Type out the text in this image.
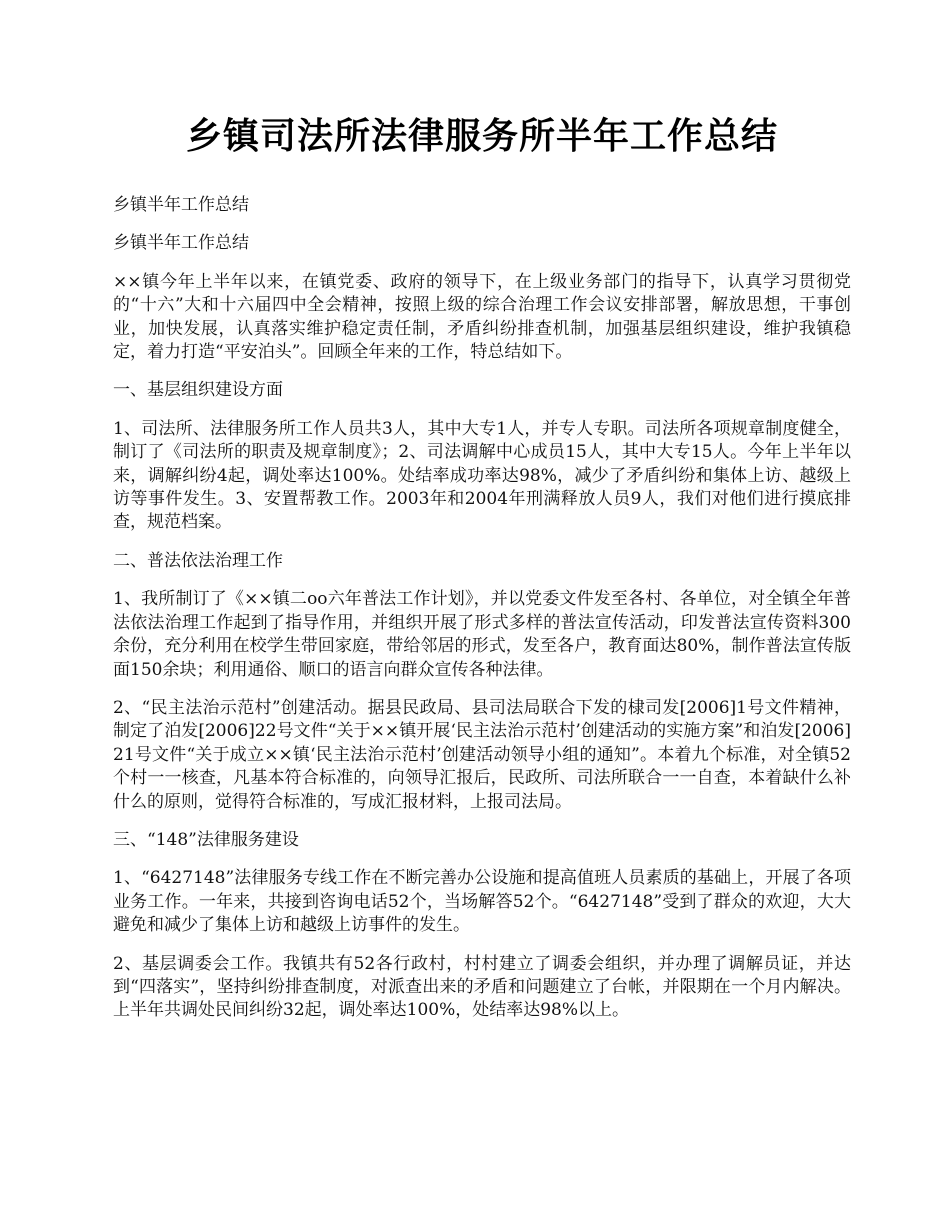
乡镇司法所法律服务所半年工作总结

乡镇半年工作总结

乡镇半年工作总结

××镇今年上半年以来，在镇党委、政府的领导下，在上级业务部门的指导下，认真学习贯彻党的“十六”大和十六届四中全会精神，按照上级的综合治理工作会议安排部署，解放思想，干事创业，加快发展，认真落实维护稳定责任制，矛盾纠纷排查机制，加强基层组织建设，维护我镇稳定，着力打造“平安泊头”。回顾全年来的工作，特总结如下。

一、基层组织建设方面

1、司法所、法律服务所工作人员共3人，其中大专1人，并专人专职。司法所各项规章制度健全，制订了《司法所的职责及规章制度》；2、司法调解中心成员15人，其中大专15人。今年上半年以来，调解纠纷4起，调处率达100%。处结率成功率达98%，减少了矛盾纠纷和集体上访、越级上访等事件发生。3、安置帮教工作。2003年和2004年刑满释放人员9人，我们对他们进行摸底排查，规范档案。

二、普法依法治理工作

1、我所制订了《××镇二oo六年普法工作计划》，并以党委文件发至各村、各单位，对全镇全年普法依法治理工作起到了指导作用，并组织开展了形式多样的普法宣传活动，印发普法宣传资料300余份，充分利用在校学生带回家庭，带给邻居的形式，发至各户，教育面达80%，制作普法宣传版面150余块；利用通俗、顺口的语言向群众宣传各种法律。

2、“民主法治示范村”创建活动。据县民政局、县司法局联合下发的棣司发[2006]1号文件精神，制定了泊发[2006]22号文件“关于××镇开展‘民主法治示范村’创建活动的实施方案”和泊发[2006]21号文件“关于成立××镇‘民主法治示范村’创建活动领导小组的通知”。本着九个标准，对全镇52个村一一核查，凡基本符合标准的，向领导汇报后，民政所、司法所联合一一自查，本着缺什么补什么的原则，觉得符合标准的，写成汇报材料，上报司法局。

三、“148”法律服务建设

1、“6427148”法律服务专线工作在不断完善办公设施和提高值班人员素质的基础上，开展了各项业务工作。一年来，共接到咨询电话52个，当场解答52个。“6427148”受到了群众的欢迎，大大避免和减少了集体上访和越级上访事件的发生。

2、基层调委会工作。我镇共有52各行政村，村村建立了调委会组织，并办理了调解员证，并达到“四落实”，坚持纠纷排查制度，对派查出来的矛盾和问题建立了台帐，并限期在一个月内解决。上半年共调处民间纠纷32起，调处率达100%，处结率达98%以上。
